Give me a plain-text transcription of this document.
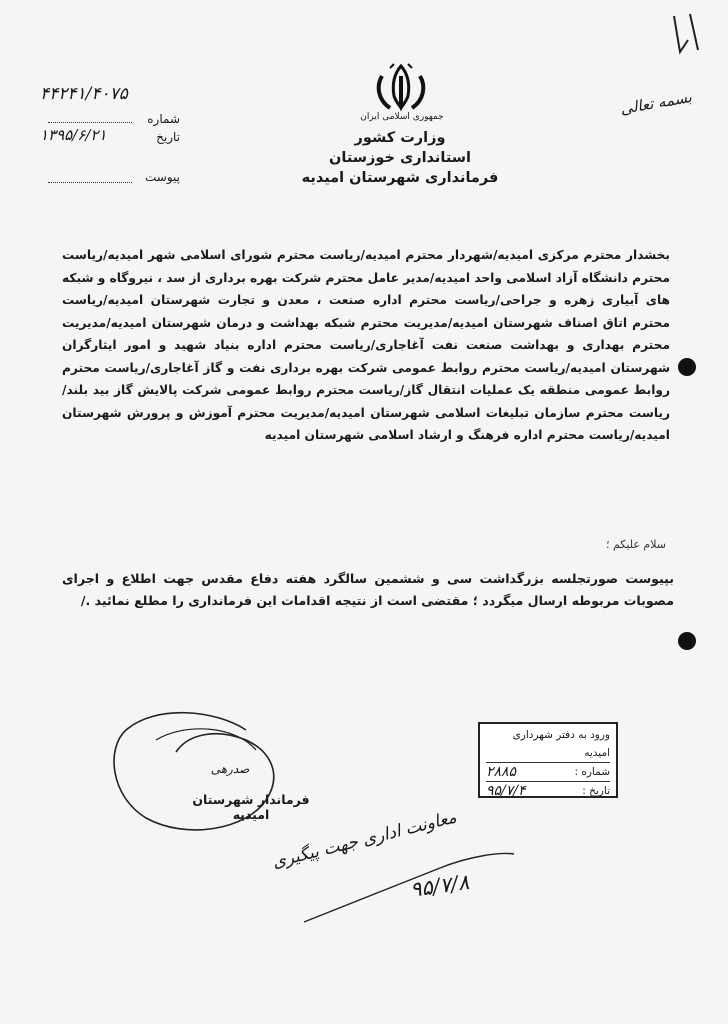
جمهوری اسلامی ایران
وزارت کشور
استانداری خوزستان
فرمانداری شهرستان امیدیه
۴۴۲۴۱/۴۰۷۵
شماره
تاریخ
۱۳۹۵/۶/۲۱
پیوست
بسمه تعالی
بخشدار محترم مرکزی امیدیه/شهردار محترم امیدیه/ریاست محترم شورای اسلامی شهر امیدیه/ریاست محترم دانشگاه آزاد اسلامی واحد امیدیه/مدیر عامل محترم شرکت بهره برداری از سد ، نیروگاه و شبکه های آبیاری زهره و جراحی/ریاست محترم اداره صنعت ، معدن و تجارت شهرستان امیدیه/ریاست محترم اتاق اصناف شهرستان امیدیه/مدیریت محترم شبکه بهداشت و درمان شهرستان امیدیه/مدیریت محترم بهداری و بهداشت صنعت نفت آغاجاری/ریاست محترم اداره بنیاد شهید و امور ایثارگران شهرستان امیدیه/ریاست محترم روابط عمومی شرکت بهره برداری نفت و گاز آغاجاری/ریاست محترم روابط عمومی منطقه یک عملیات انتقال گاز/ریاست محترم روابط عمومی شرکت پالایش گاز بید بلند/ریاست محترم سازمان تبلیغات اسلامی شهرستان امیدیه/مدیریت محترم آموزش و پرورش شهرستان امیدیه/ریاست محترم اداره فرهنگ و ارشاد اسلامی شهرستان امیدیه
سلام علیکم ؛
بپیوست صورتجلسه بزرگداشت سی و ششمین سالگرد هفته دفاع مقدس جهت اطلاع و اجرای مصوبات مربوطه ارسال میگردد ؛ مقتضی است از نتیجه اقدامات این فرمانداری را مطلع نمائید ./
صدرهی
فرماندار شهرستان امیدیه
ورود به دفتر شهرداری امیدیه
شماره :
۲۸۸۵
تاریخ :
۹۵/۷/۴
معاونت اداری جهت پیگیری
۹۵/۷/۸
